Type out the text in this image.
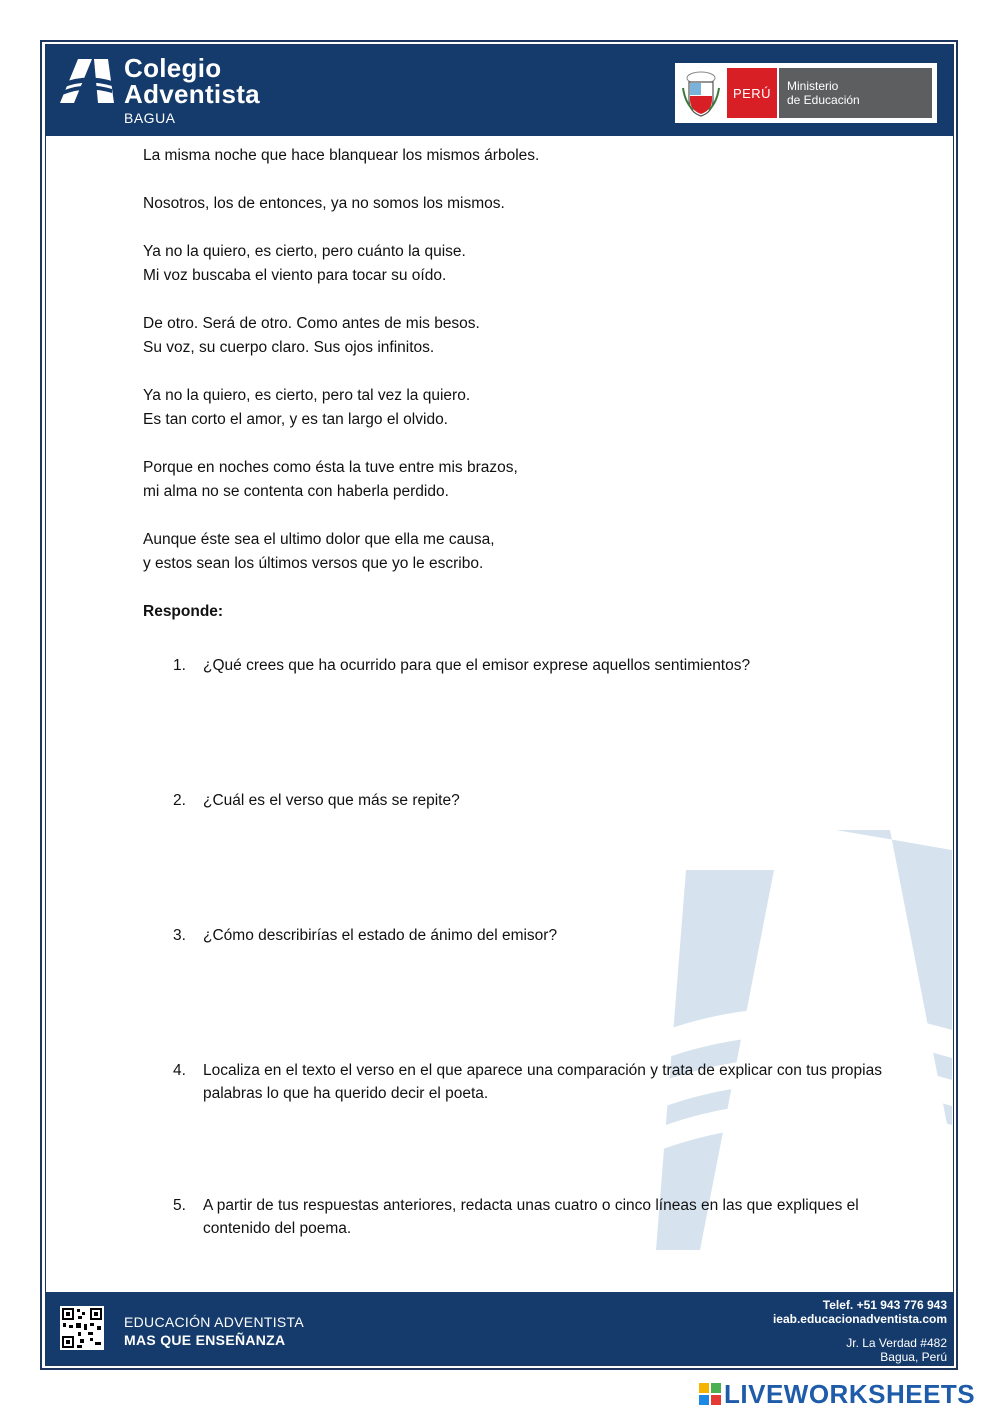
Colegio
Adventista
BAGUA
PERÚ	Ministerio
de Educación
La misma noche que hace blanquear los mismos árboles.
Nosotros, los de entonces, ya no somos los mismos.
Ya no la quiero, es cierto, pero cuánto la quise.
Mi voz buscaba el viento para tocar su oído.
De otro. Será de otro. Como antes de mis besos.
Su voz, su cuerpo claro. Sus ojos infinitos.
Ya no la quiero, es cierto, pero tal vez la quiero.
Es tan corto el amor, y es tan largo el olvido.
Porque en noches como ésta la tuve entre mis brazos,
mi alma no se contenta con haberla perdido.
Aunque éste sea el ultimo dolor que ella me causa,
y estos sean los últimos versos que yo le escribo.
Responde:
1.	¿Qué crees que ha ocurrido para que el emisor exprese aquellos sentimientos?
2.	¿Cuál es el verso que más se repite?
3.	¿Cómo describirías el estado de ánimo del emisor?
4.	Localiza en el texto el verso en el que aparece una comparación y trata de explicar con tus propias palabras lo que ha querido decir el poeta.
5.	A partir de tus respuestas anteriores, redacta unas cuatro o cinco líneas en las que expliques el contenido del poema.
EDUCACIÓN ADVENTISTA
MAS QUE ENSEÑANZA
Telef. +51 943 776 943
ieab.educacionadventista.com
Jr. La Verdad #482
Bagua, Perú
LIVEWORKSHEETS
